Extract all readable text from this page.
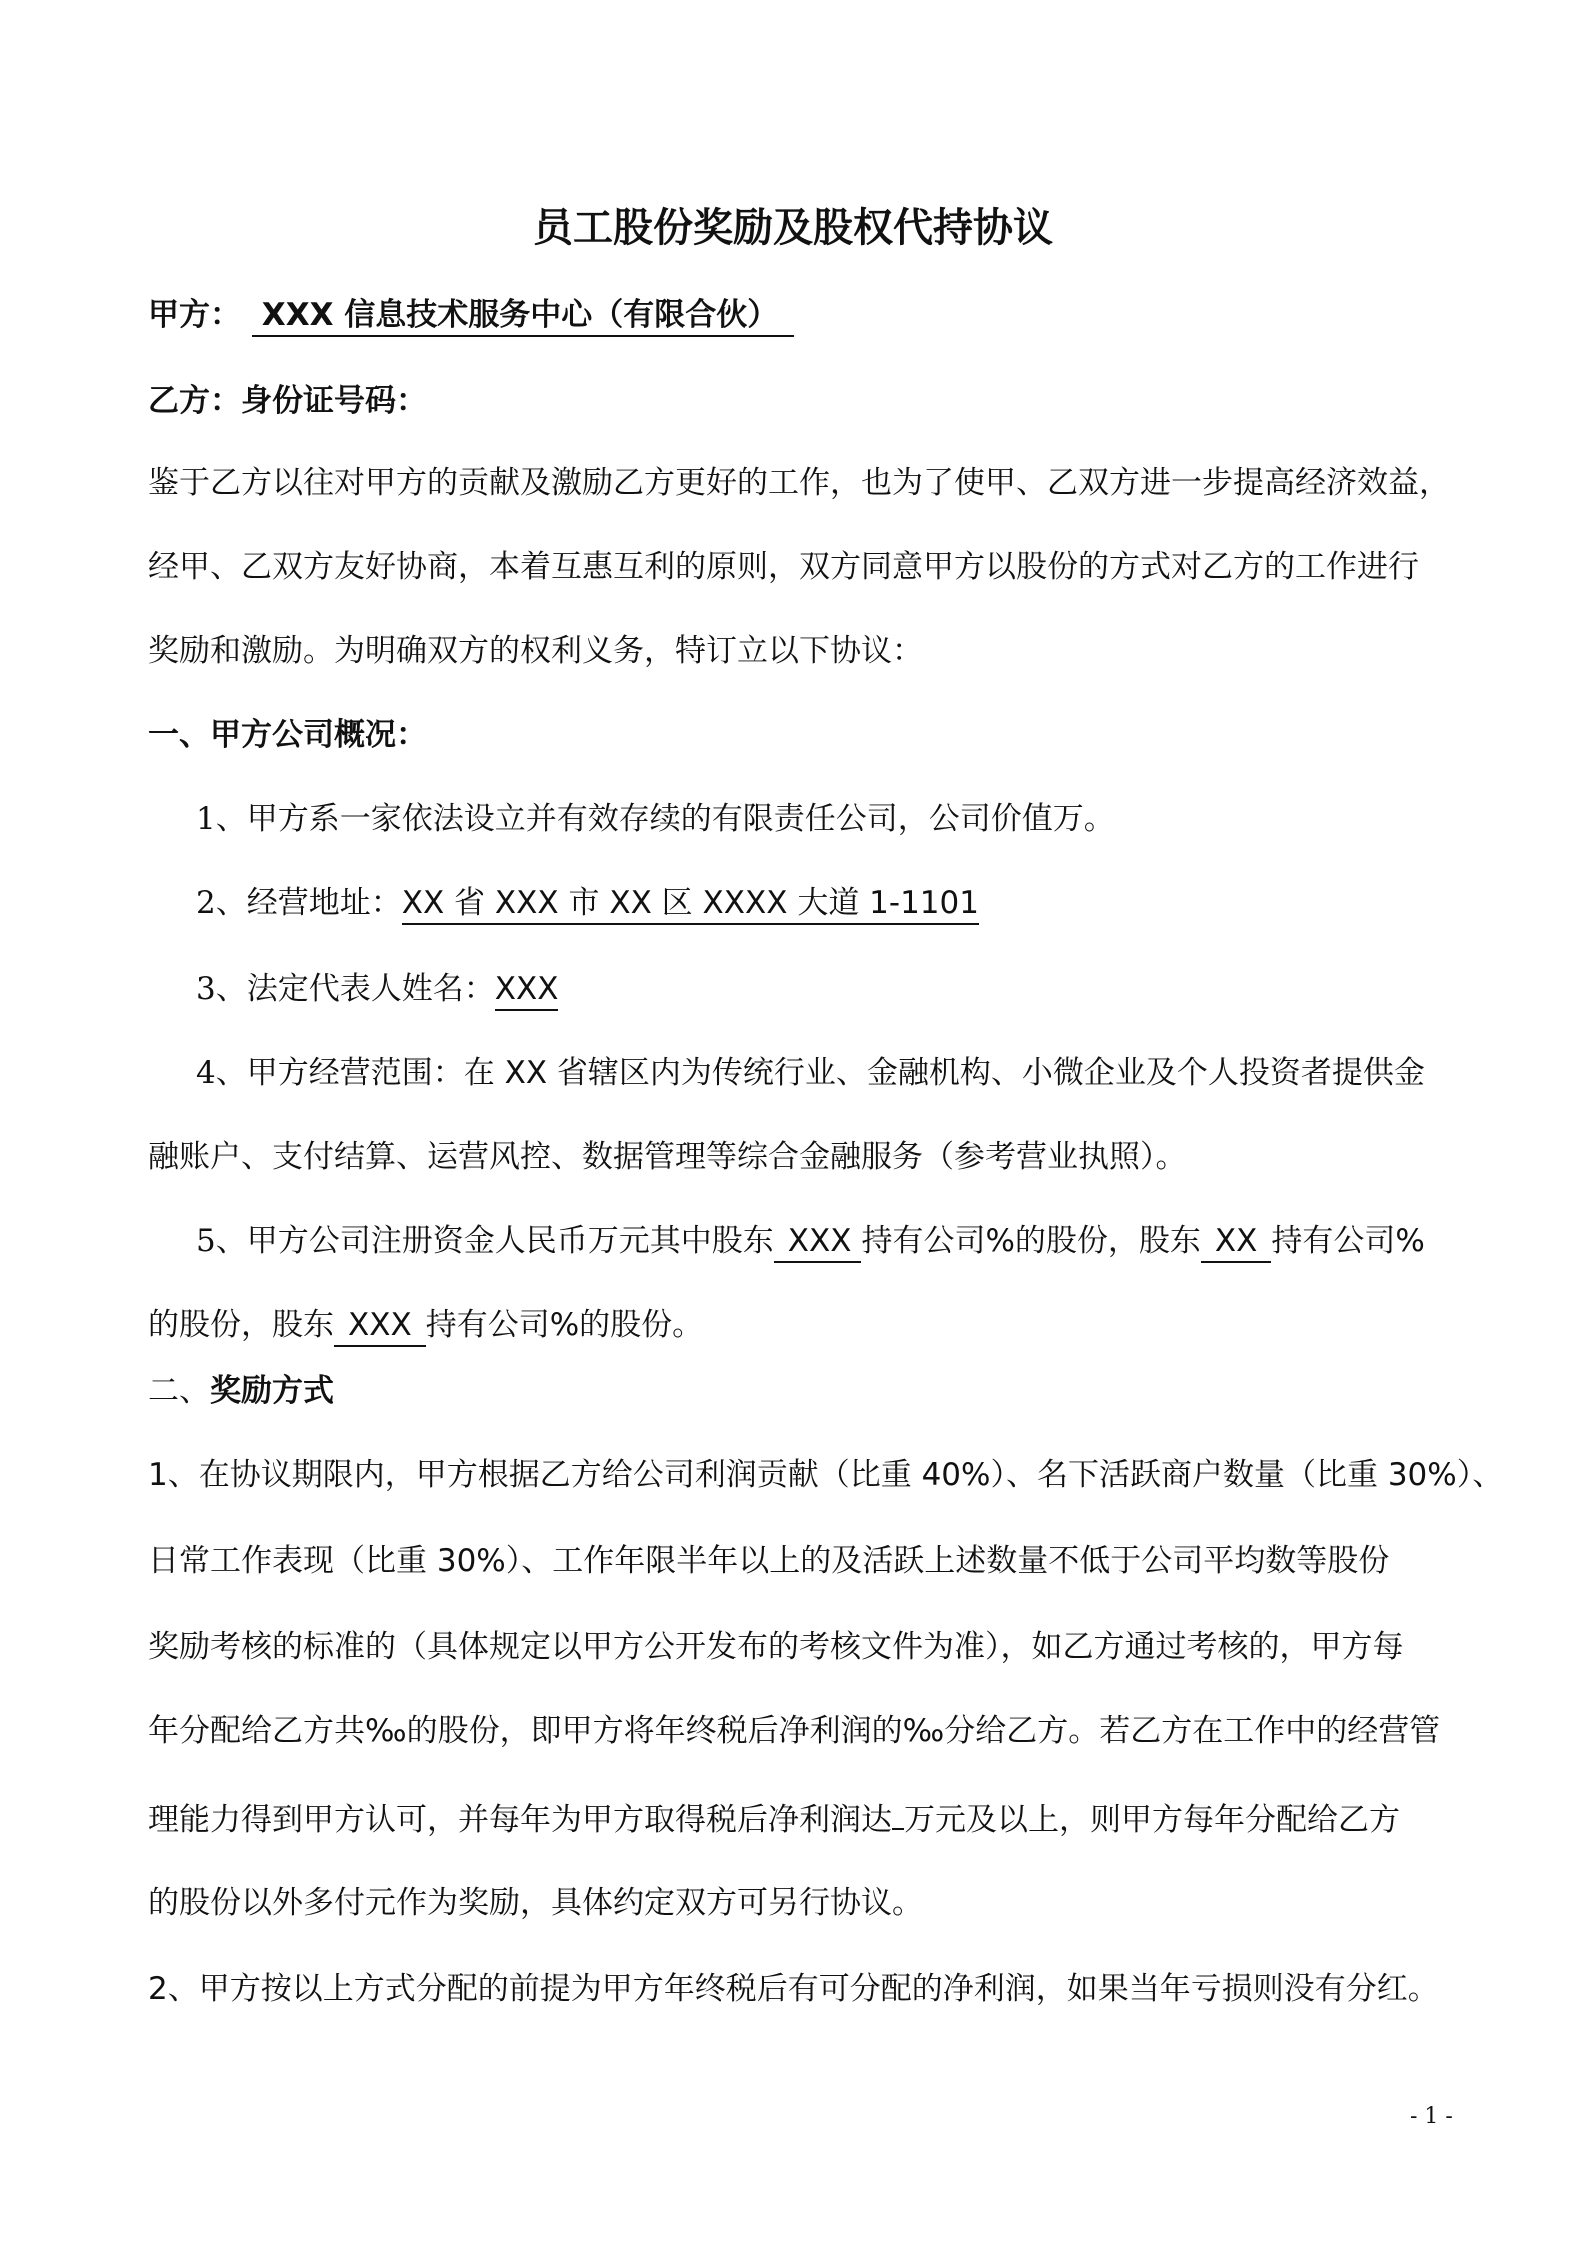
员工股份奖励及股权代持协议
甲方： XXX 信息技术服务中心（有限合伙）
乙方：身份证号码：
鉴于乙方以往对甲方的贡献及激励乙方更好的工作，也为了使甲、乙双方进一步提高经济效益，
经甲、乙双方友好协商，本着互惠互利的原则，双方同意甲方以股份的方式对乙方的工作进行
奖励和激励。为明确双方的权利义务，特订立以下协议：
一、甲方公司概况：
1、甲方系一家依法设立并有效存续的有限责任公司，公司价值万。
2、经营地址：XX 省 XXX 市 XX 区 XXXX 大道 1-1101
3、法定代表人姓名：XXX
4、甲方经营范围：在 XX 省辖区内为传统行业、金融机构、小微企业及个人投资者提供金
融账户、支付结算、运营风控、数据管理等综合金融服务（参考营业执照）。
5、甲方公司注册资金人民币万元其中股东 XXX 持有公司%的股份，股东 XX 持有公司%
的股份，股东 XXX 持有公司%的股份。
二、奖励方式
1、在协议期限内，甲方根据乙方给公司利润贡献（比重 40%）、名下活跃商户数量（比重 30%）、
日常工作表现（比重 30%）、工作年限半年以上的及活跃上述数量不低于公司平均数等股份
奖励考核的标准的（具体规定以甲方公开发布的考核文件为准），如乙方通过考核的，甲方每
年分配给乙方共‰的股份，即甲方将年终税后净利润的‰分给乙方。若乙方在工作中的经营管
理能力得到甲方认可，并每年为甲方取得税后净利润达 万元及以上，则甲方每年分配给乙方
的股份以外多付元作为奖励，具体约定双方可另行协议。
2、甲方按以上方式分配的前提为甲方年终税后有可分配的净利润，如果当年亏损则没有分红。
- 1 -
